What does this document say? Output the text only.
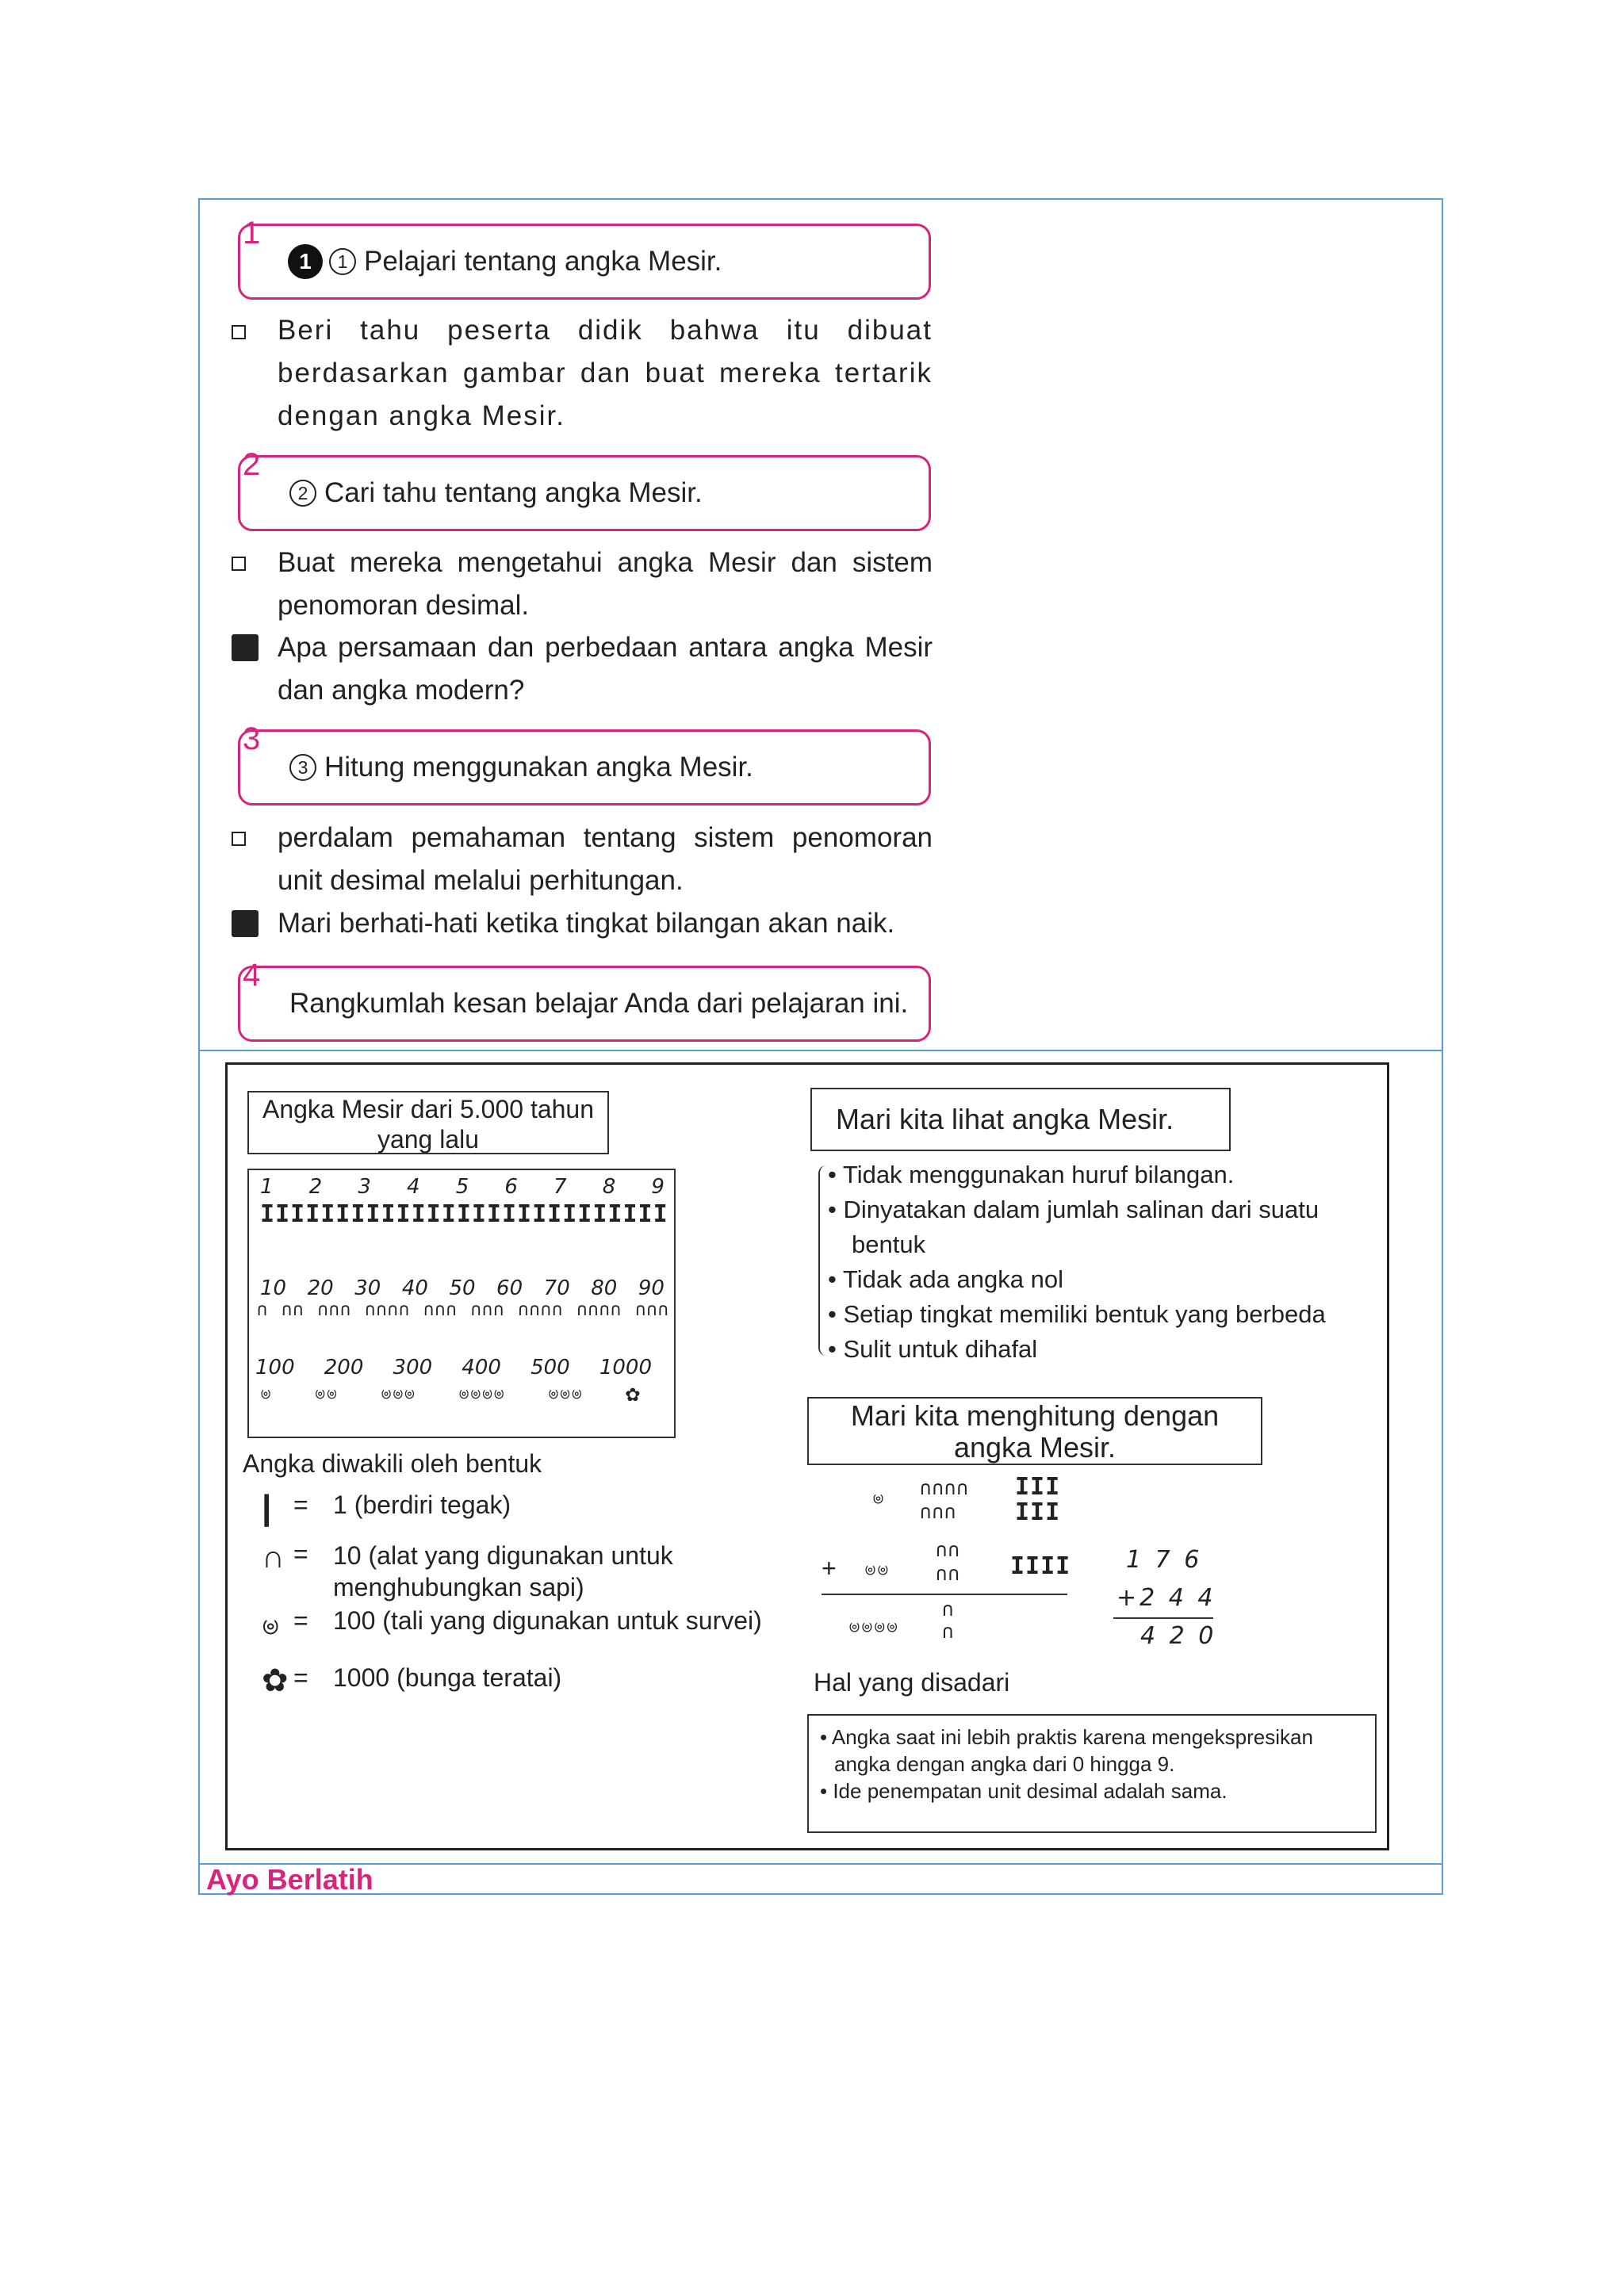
1
1	1 Pelajari tentang angka Mesir.
Beri tahu peserta didik bahwa itu dibuat berdasarkan gambar dan buat mereka tertarik dengan angka Mesir.
2
2 Cari tahu tentang angka Mesir.
Buat mereka mengetahui angka Mesir dan sistem penomoran desimal.
Apa persamaan dan perbedaan antara angka Mesir dan angka modern?
3
3 Hitung menggunakan angka Mesir.
perdalam pemahaman tentang sistem penomoran unit desimal melalui perhitungan.
Mari berhati-hati ketika tingkat bilangan akan naik.
4
Rangkumlah kesan belajar Anda dari pelajaran ini.
Angka Mesir dari 5.000 tahun yang lalu
1 2 3 4 5 6 7 8 9
I II III IIII III III IIII IIII III
10 20 30 40 50 60 70 80 90
∩ ∩∩ ∩∩∩ ∩∩∩∩ ∩∩∩ ∩∩∩ ∩∩∩∩ ∩∩∩∩ ∩∩∩
100 200 300 400 500 1000
ၑ ၑၑ ၑၑၑ ၑၑၑၑ ၑၑၑ ✿
Angka diwakili oleh bentuk
| = 1 (berdiri tegak)
∩ = 10 (alat yang digunakan untuk menghubungkan sapi)
ၑ = 100 (tali yang digunakan untuk survei)
✿ = 1000 (bunga teratai)
Mari kita lihat angka Mesir.
• Tidak menggunakan huruf bilangan.
• Dinyatakan dalam jumlah salinan dari suatu bentuk
• Tidak ada angka nol
• Setiap tingkat memiliki bentuk yang berbeda
• Sulit untuk dihafal
Mari kita menghitung dengan angka Mesir.
ၑ ∩∩∩∩
∩∩∩
III
III
+ ၑၑ
∩∩
∩∩ IIII
ၑၑၑၑ
∩
∩
1 7 6
+2 4 4
4 2 0
Hal yang disadari
• Angka saat ini lebih praktis karena mengekspresikan angka dengan angka dari 0 hingga 9.
• Ide penempatan unit desimal adalah sama.
Ayo Berlatih
